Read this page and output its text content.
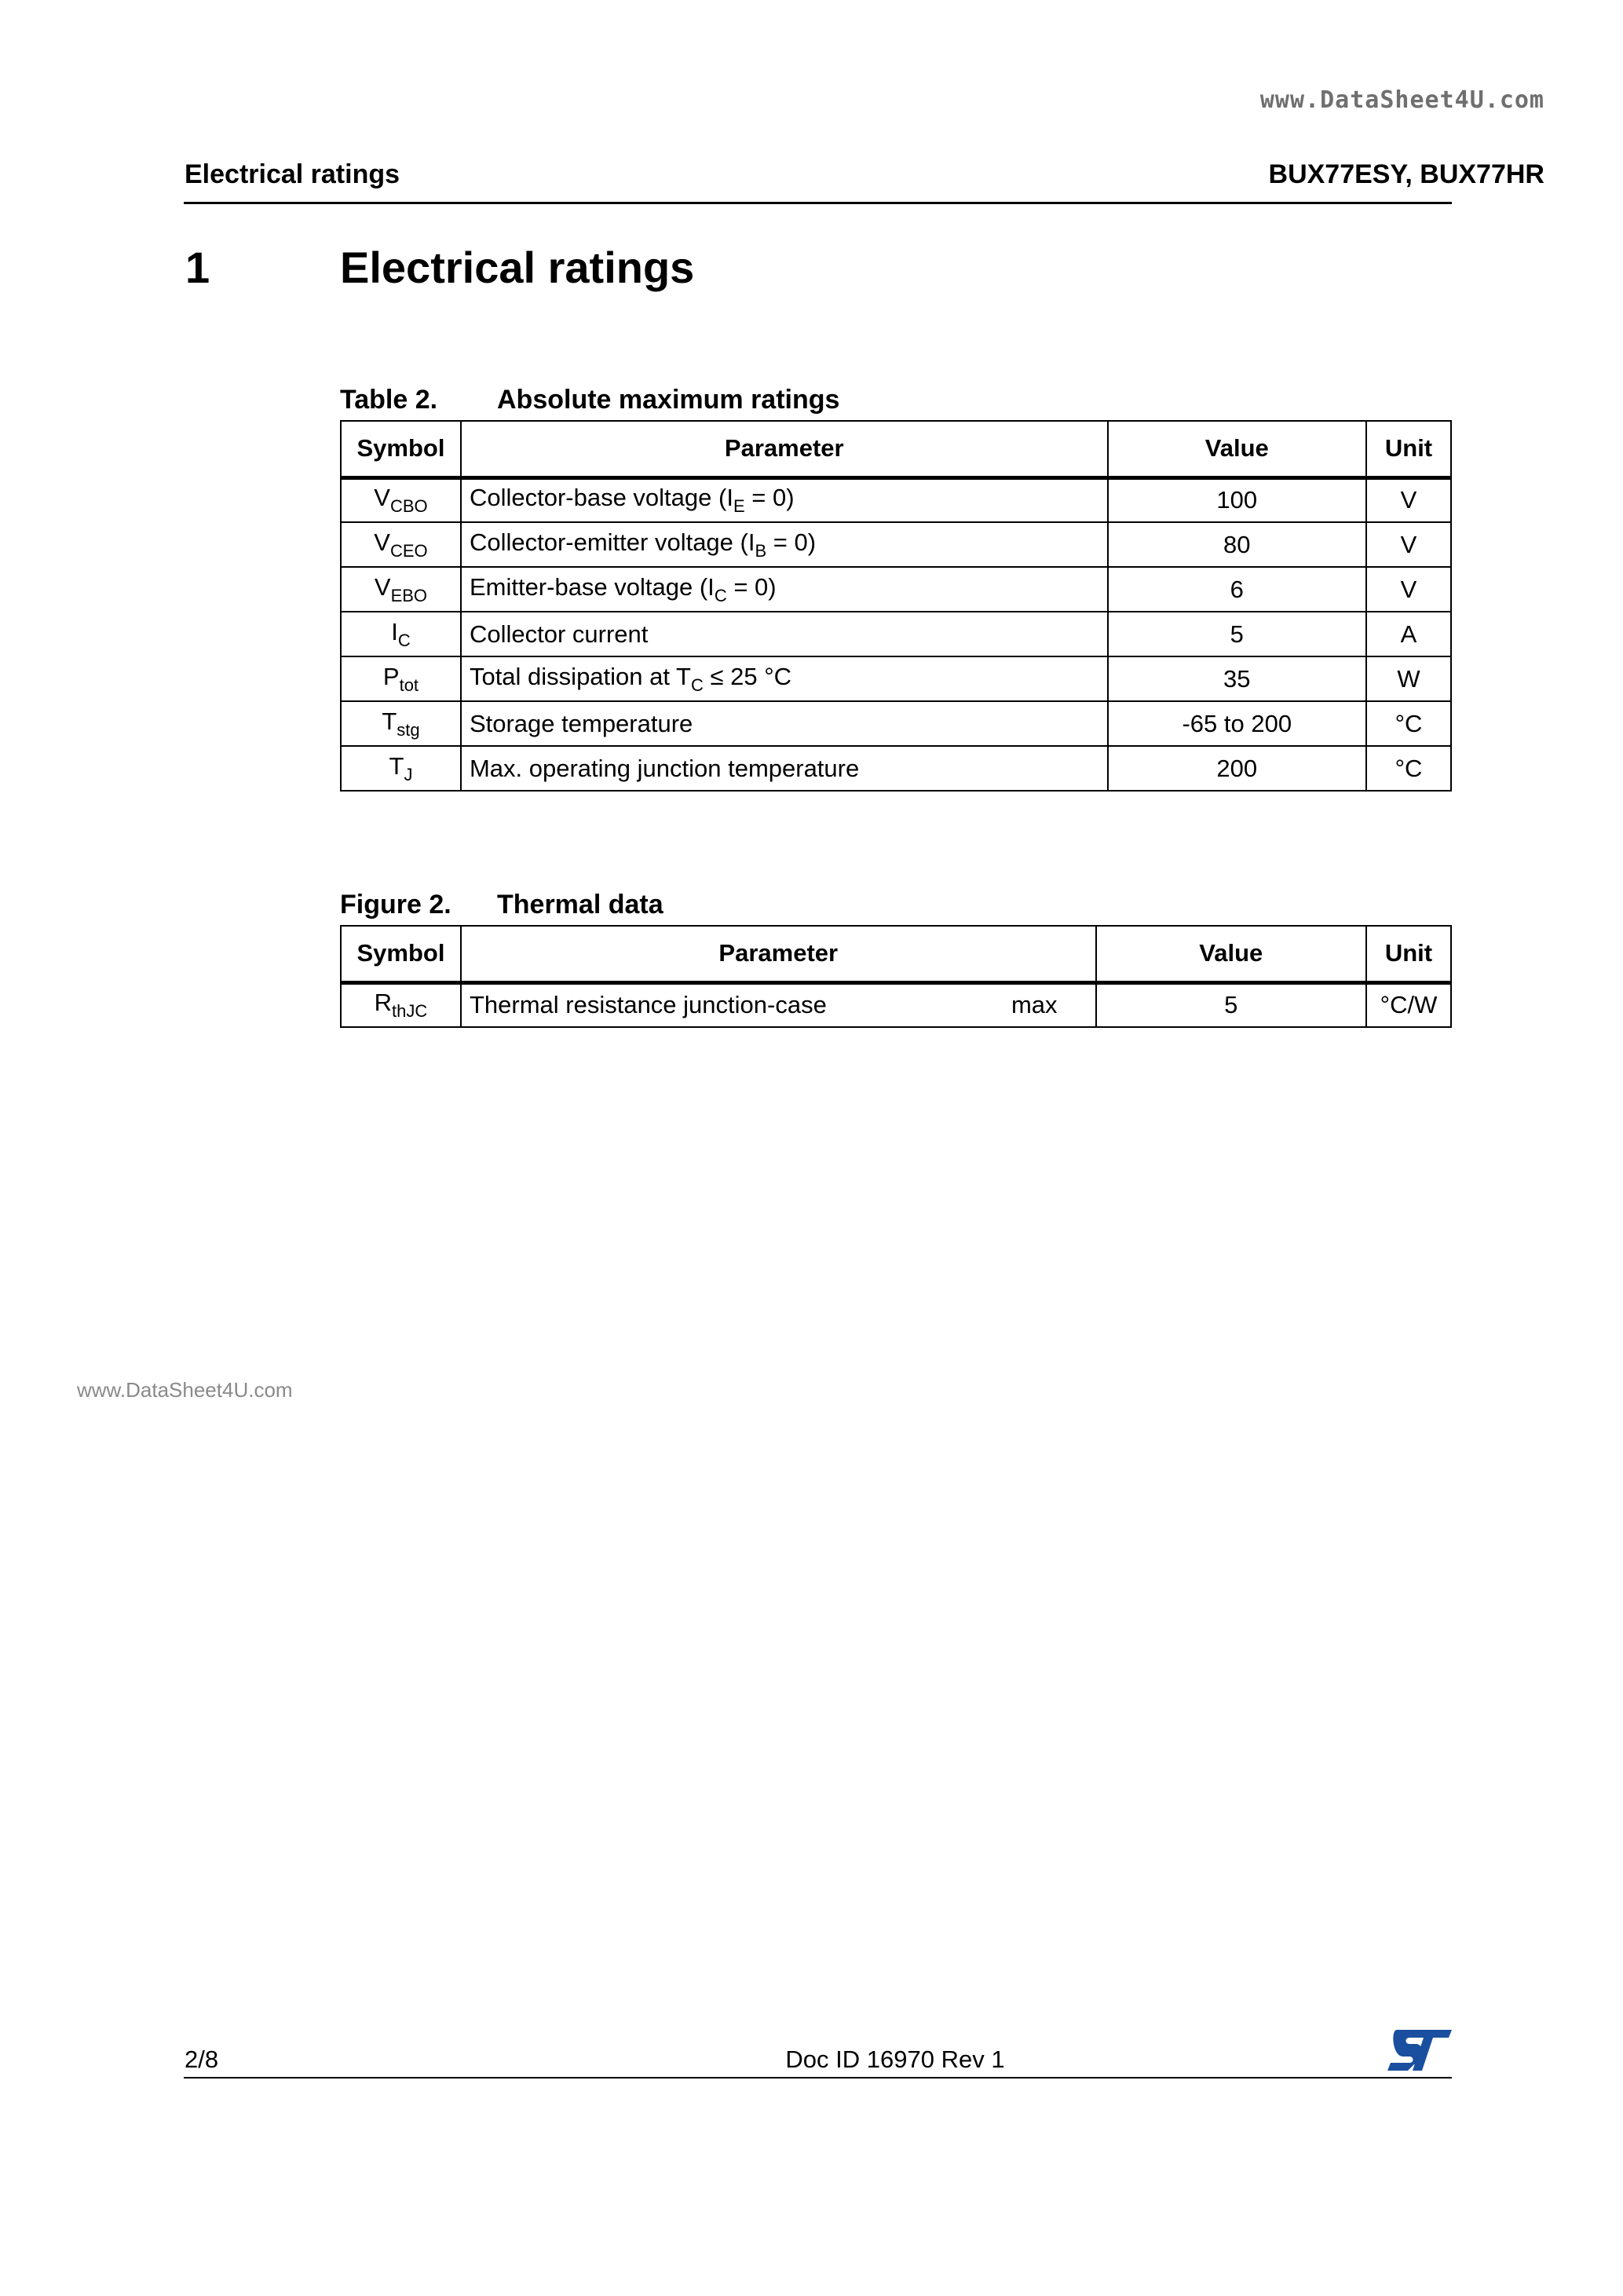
www.DataSheet4U.com
Electrical ratings	BUX77ESY, BUX77HR
1	Electrical ratings
Table 2. Absolute maximum ratings
Symbol	Parameter	Value	Unit
$V_{CBO}$	Collector-base voltage $(I_E = 0)$	100	V
$V_{CEO}$	Collector-emitter voltage $(I_B = 0)$	80	V
$V_{EBO}$	Emitter-base voltage $(I_C = 0)$	6	V
$I_C$	Collector current	5	A
$P_{tot}$	Total dissipation at $T_C \le 25$ °C	35	W
$T_{stg}$	Storage temperature	-65 to 200	°C
$T_J$	Max. operating junction temperature	200	°C
Figure 2. Thermal data
Symbol	Parameter	Value	Unit
$R_{thJC}$	Thermal resistance junction-case max	5	°C/W
www.DataSheet4U.com
2/8	Doc ID 16970 Rev 1
